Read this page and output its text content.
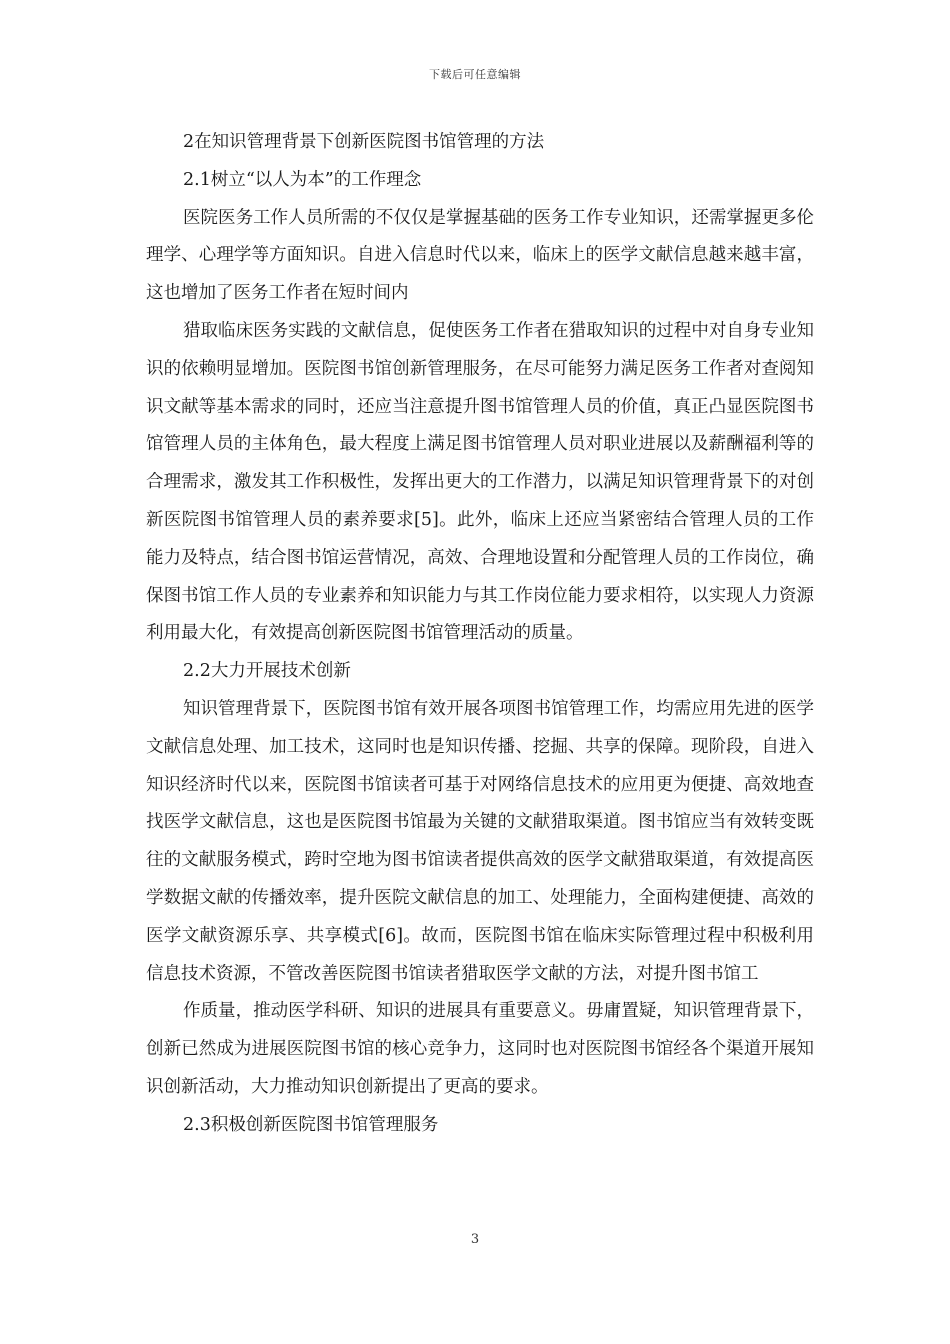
下载后可任意编辑

2在知识管理背景下创新医院图书馆管理的方法

2.1树立“以人为本”的工作理念

医院医务工作人员所需的不仅仅是掌握基础的医务工作专业知识，还需掌握更多伦理学、心理学等方面知识。自进入信息时代以来，临床上的医学文献信息越来越丰富，这也增加了医务工作者在短时间内

猎取临床医务实践的文献信息，促使医务工作者在猎取知识的过程中对自身专业知识的依赖明显增加。医院图书馆创新管理服务，在尽可能努力满足医务工作者对查阅知识文献等基本需求的同时，还应当注意提升图书馆管理人员的价值，真正凸显医院图书馆管理人员的主体角色，最大程度上满足图书馆管理人员对职业进展以及薪酬福利等的合理需求，激发其工作积极性，发挥出更大的工作潜力，以满足知识管理背景下的对创新医院图书馆管理人员的素养要求[5]。此外，临床上还应当紧密结合管理人员的工作能力及特点，结合图书馆运营情况，高效、合理地设置和分配管理人员的工作岗位，确保图书馆工作人员的专业素养和知识能力与其工作岗位能力要求相符，以实现人力资源利用最大化，有效提高创新医院图书馆管理活动的质量。

2.2大力开展技术创新

知识管理背景下，医院图书馆有效开展各项图书馆管理工作，均需应用先进的医学文献信息处理、加工技术，这同时也是知识传播、挖掘、共享的保障。现阶段，自进入知识经济时代以来，医院图书馆读者可基于对网络信息技术的应用更为便捷、高效地查找医学文献信息，这也是医院图书馆最为关键的文献猎取渠道。图书馆应当有效转变既往的文献服务模式，跨时空地为图书馆读者提供高效的医学文献猎取渠道，有效提高医学数据文献的传播效率，提升医院文献信息的加工、处理能力，全面构建便捷、高效的医学文献资源乐享、共享模式[6]。故而，医院图书馆在临床实际管理过程中积极利用信息技术资源，不管改善医院图书馆读者猎取医学文献的方法，对提升图书馆工

作质量，推动医学科研、知识的进展具有重要意义。毋庸置疑，知识管理背景下，创新已然成为进展医院图书馆的核心竞争力，这同时也对医院图书馆经各个渠道开展知识创新活动，大力推动知识创新提出了更高的要求。

2.3积极创新医院图书馆管理服务

3
